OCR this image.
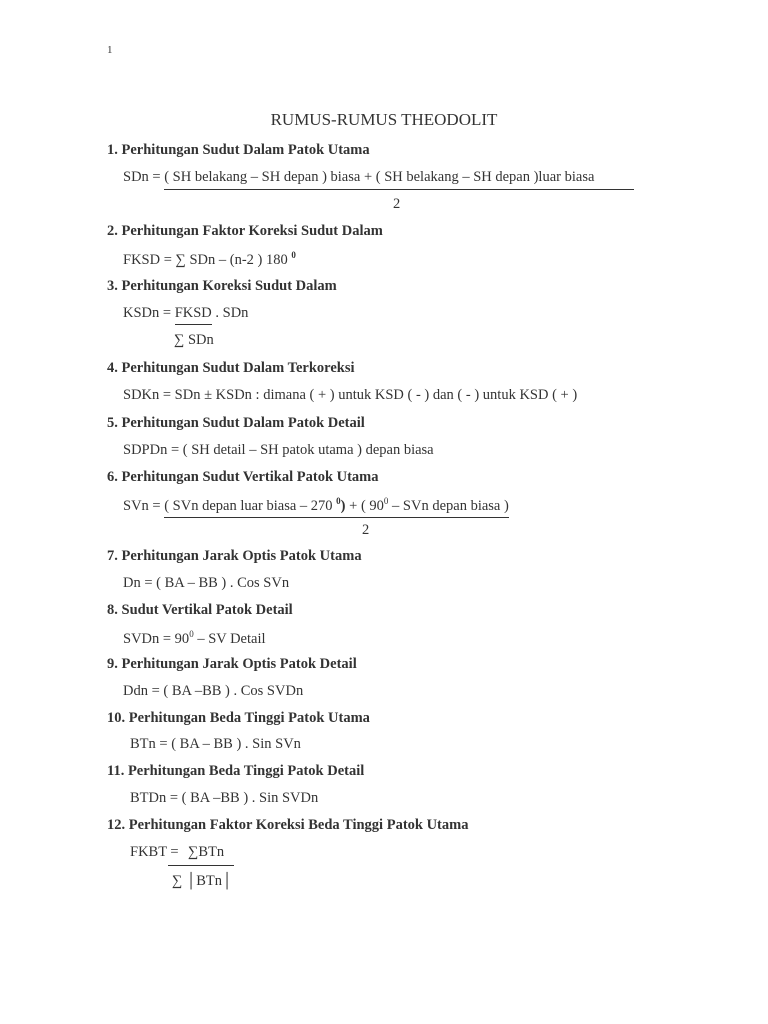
1
RUMUS-RUMUS THEODOLIT
1. Perhitungan Sudut Dalam Patok Utama
SDn = ( SH belakang – SH depan ) biasa + ( SH belakang – SH depan )luar biasa
2
2. Perhitungan Faktor Koreksi Sudut Dalam
FKSD = ∑ SDn – (n-2 ) 180 $^0$
3. Perhitungan Koreksi Sudut Dalam
KSDn = FKSD . SDn
∑ SDn
4. Perhitungan Sudut Dalam Terkoreksi
SDKn = SDn ± KSDn : dimana ( + ) untuk KSD ( - ) dan ( - ) untuk KSD ( + )
5. Perhitungan Sudut Dalam Patok Detail
SDPDn = ( SH detail – SH patok utama ) depan biasa
6. Perhitungan Sudut Vertikal Patok Utama
SVn = ( SVn depan luar biasa – 270 $^0$) + ( $90^0$ – SVn depan biasa )
2
7. Perhitungan Jarak Optis Patok Utama
Dn = ( BA – BB ) . Cos SVn
8. Sudut Vertikal Patok Detail
SVDn = $90^0$ – SV Detail
9. Perhitungan Jarak Optis Patok Detail
Ddn = ( BA –BB ) . Cos SVDn
10. Perhitungan Beda Tinggi Patok Utama
BTn = ( BA – BB ) . Sin SVn
11. Perhitungan Beda Tinggi Patok Detail
BTDn = ( BA –BB ) . Sin SVDn
12. Perhitungan Faktor Koreksi Beda Tinggi Patok Utama
FKBT = ∑BTn
∑ │BTn│
